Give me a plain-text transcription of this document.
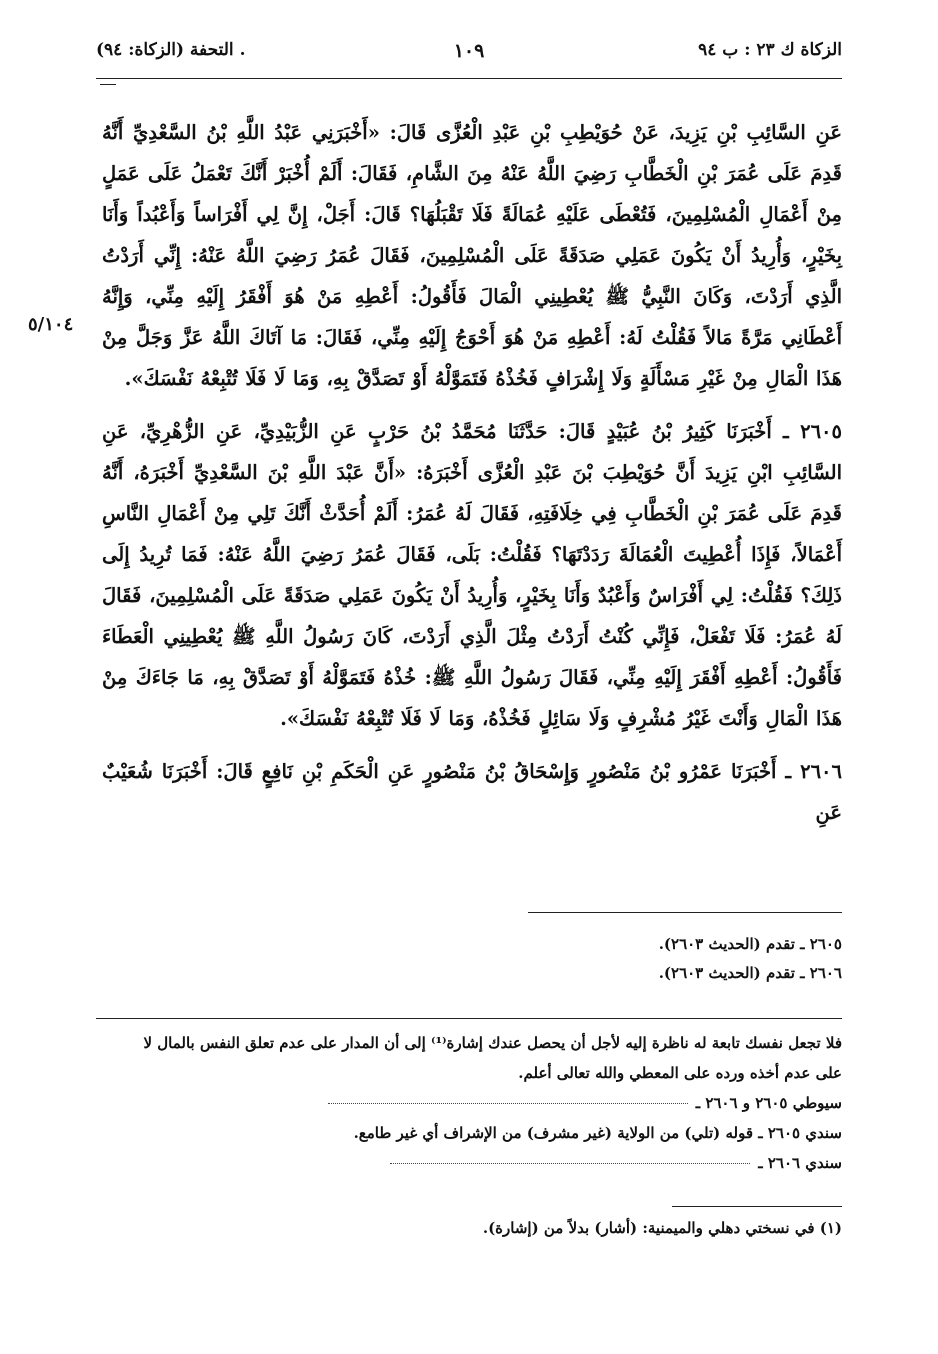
الزكاة ك ٢٣ : ب ٩٤
١٠٩
. التحفة (الزكاة: ٩٤)
٥/١٠٤

عَنِ السَّائِبِ بْنِ يَزِيدَ، عَنْ حُوَيْطِبِ بْنِ عَبْدِ الْعُزَّى قَالَ: «أَخْبَرَنِي عَبْدُ اللَّهِ بْنُ السَّعْدِيِّ أَنَّهُ قَدِمَ عَلَى عُمَرَ بْنِ الْخَطَّابِ رَضِيَ اللَّهُ عَنْهُ مِنَ الشَّامِ، فَقَالَ: أَلَمْ أُخْبَرْ أَنَّكَ تَعْمَلُ عَلَى عَمَلٍ مِنْ أَعْمَالِ الْمُسْلِمِينَ، فَتُعْطَى عَلَيْهِ عُمَالَةً فَلَا تَقْبَلُهَا؟ قَالَ: أَجَلْ، إِنَّ لِي أَفْرَاساً وَأَعْبُداً وَأَنَا بِخَيْرٍ، وَأُرِيدُ أَنْ يَكُونَ عَمَلِي صَدَقَةً عَلَى الْمُسْلِمِينَ، فَقَالَ عُمَرُ رَضِيَ اللَّهُ عَنْهُ: إِنِّي أَرَدْتُ الَّذِي أَرَدْتَ، وَكَانَ النَّبِيُّ ﷺ يُعْطِينِي الْمَالَ فَأَقُولُ: أَعْطِهِ مَنْ هُوَ أَفْقَرُ إِلَيْهِ مِنِّي، وَإِنَّهُ أَعْطَانِي مَرَّةً مَالاً فَقُلْتُ لَهُ: أَعْطِهِ مَنْ هُوَ أَحْوَجُ إِلَيْهِ مِنِّي، فَقَالَ: مَا آتَاكَ اللَّهُ عَزَّ وَجَلَّ مِنْ هَذَا الْمَالِ مِنْ غَيْرِ مَسْأَلَةٍ وَلَا إِشْرَافٍ فَخُذْهُ فَتَمَوَّلْهُ أَوْ تَصَدَّقْ بِهِ، وَمَا لَا فَلَا تُتْبِعْهُ نَفْسَكَ».

٢٦٠٥ ـ أَخْبَرَنَا كَثِيرُ بْنُ عُبَيْدٍ قَالَ: حَدَّثَنَا مُحَمَّدُ بْنُ حَرْبٍ عَنِ الزُّبَيْدِيِّ، عَنِ الزُّهْرِيِّ، عَنِ السَّائِبِ ابْنِ يَزِيدَ أَنَّ حُوَيْطِبَ بْنَ عَبْدِ الْعُزَّى أَخْبَرَهُ: «أَنَّ عَبْدَ اللَّهِ بْنَ السَّعْدِيِّ أَخْبَرَهُ، أَنَّهُ قَدِمَ عَلَى عُمَرَ بْنِ الْخَطَّابِ فِي خِلَافَتِهِ، فَقَالَ لَهُ عُمَرُ: أَلَمْ أُحَدَّثْ أَنَّكَ تَلِي مِنْ أَعْمَالِ النَّاسِ أَعْمَالاً، فَإِذَا أُعْطِيتَ الْعُمَالَةَ رَدَدْتَهَا؟ فَقُلْتُ: بَلَى، فَقَالَ عُمَرُ رَضِيَ اللَّهُ عَنْهُ: فَمَا تُرِيدُ إِلَى ذَلِكَ؟ فَقُلْتُ: لِي أَفْرَاسٌ وَأَعْبُدٌ وَأَنَا بِخَيْرٍ، وَأُرِيدُ أَنْ يَكُونَ عَمَلِي صَدَقَةً عَلَى الْمُسْلِمِينَ، فَقَالَ لَهُ عُمَرُ: فَلَا تَفْعَلْ، فَإِنِّي كُنْتُ أَرَدْتُ مِثْلَ الَّذِي أَرَدْتَ، كَانَ رَسُولُ اللَّهِ ﷺ يُعْطِينِي الْعَطَاءَ فَأَقُولُ: أَعْطِهِ أَفْقَرَ إِلَيْهِ مِنِّي، فَقَالَ رَسُولُ اللَّهِ ﷺ: خُذْهُ فَتَمَوَّلْهُ أَوْ تَصَدَّقْ بِهِ، مَا جَاءَكَ مِنْ هَذَا الْمَالِ وَأَنْتَ غَيْرُ مُشْرِفٍ وَلَا سَائِلٍ فَخُذْهُ، وَمَا لَا فَلَا تُتْبِعْهُ نَفْسَكَ».

٢٦٠٦ ـ أَخْبَرَنَا عَمْرُو بْنُ مَنْصُورٍ وَإِسْحَاقُ بْنُ مَنْصُورٍ عَنِ الْحَكَمِ بْنِ نَافِعٍ قَالَ: أَخْبَرَنَا شُعَيْبٌ عَنِ

٢٦٠٥ ـ تقدم (الحديث ٢٦٠٣).
٢٦٠٦ ـ تقدم (الحديث ٢٦٠٣).
فلا تجعل نفسك تابعة له ناظرة إليه لأجل أن يحصل عندك إشارة⁽¹⁾ إلى أن المدار على عدم تعلق النفس بالمال لا
على عدم أخذه ورده على المعطي والله تعالى أعلم.
سيوطي ٢٦٠٥ و ٢٦٠٦ ـ
سندي ٢٦٠٥ ـ قوله (تلي) من الولاية (غير مشرف) من الإشراف أي غير طامع.
سندي ٢٦٠٦ ـ
(١) في نسختي دهلي والميمنية: (أشار) بدلاً من (إشارة).
